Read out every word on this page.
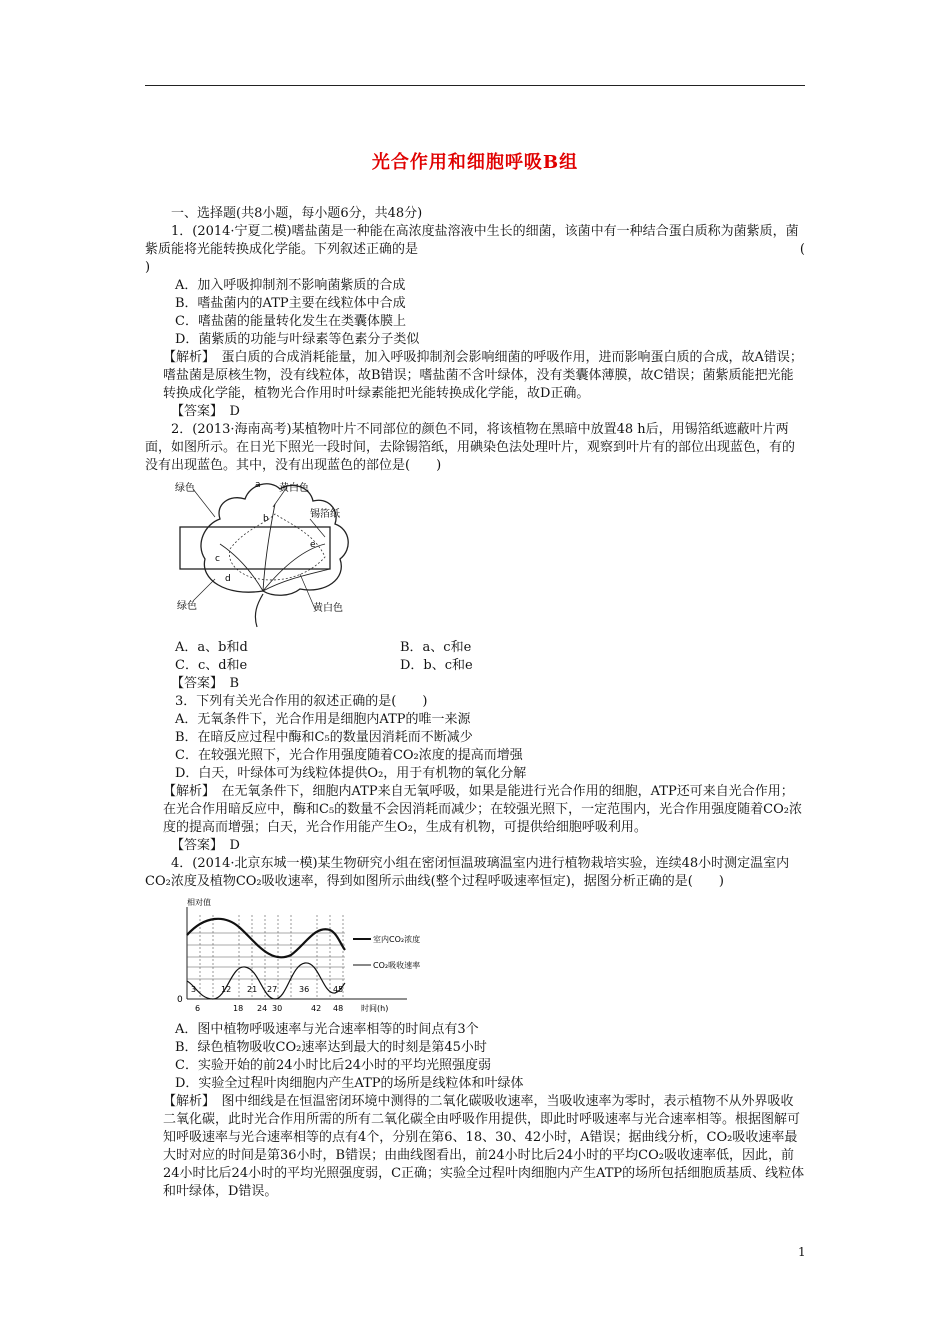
光合作用和细胞呼吸B组

一、选择题(共8小题，每小题6分，共48分)

1．(2014·宁夏二模)嗜盐菌是一种能在高浓度盐溶液中生长的细菌，该菌中有一种结合蛋白质称为菌紫质，菌紫质能将光能转换成化学能。下列叙述正确的是	(

)

A．加入呼吸抑制剂不影响菌紫质的合成

B．嗜盐菌内的ATP主要在线粒体中合成

C．嗜盐菌的能量转化发生在类囊体膜上

D．菌紫质的功能与叶绿素等色素分子类似

【解析】　蛋白质的合成消耗能量，加入呼吸抑制剂会影响细菌的呼吸作用，进而影响蛋白质的合成，故A错误；嗜盐菌是原核生物，没有线粒体，故B错误；嗜盐菌不含叶绿体，没有类囊体薄膜，故C错误；菌紫质能把光能转换成化学能，植物光合作用时叶绿素能把光能转换成化学能，故D正确。

【答案】　D

2．(2013·海南高考)某植物叶片不同部位的颜色不同，将该植物在黑暗中放置48 h后，用锡箔纸遮蔽叶片两面，如图所示。在日光下照光一段时间，去除锡箔纸，用碘染色法处理叶片，观察到叶片有的部位出现蓝色，有的没有出现蓝色。其中，没有出现蓝色的部位是(　　)

绿色	黄白色
锡箔纸
黄白色
绿色
a
b
c
d
e
A．a、b和d	B．a、c和e
C．c、d和e	D．b、c和e

【答案】　B

3．下列有关光合作用的叙述正确的是(　　)

A．无氧条件下，光合作用是细胞内ATP的唯一来源

B．在暗反应过程中酶和C₅的数量因消耗而不断减少

C．在较强光照下，光合作用强度随着CO₂浓度的提高而增强

D．白天，叶绿体可为线粒体提供O₂，用于有机物的氧化分解

【解析】　在无氧条件下，细胞内ATP来自无氧呼吸，如果是能进行光合作用的细胞，ATP还可来自光合作用；在光合作用暗反应中，酶和C₅的数量不会因消耗而减少；在较强光照下，一定范围内，光合作用强度随着CO₂浓度的提高而增强；白天，光合作用能产生O₂，生成有机物，可提供给细胞呼吸利用。

【答案】　D

4．(2014·北京东城一模)某生物研究小组在密闭恒温玻璃温室内进行植物栽培实验，连续48小时测定温室内CO₂浓度及植物CO₂吸收速率，得到如图所示曲线(整个过程呼吸速率恒定)，据图分析正确的是(　　)

相对值
室内CO₂浓度
CO₂吸收速率
0
3	12 21 27	36	45
6	18 24 30	42 48 时间(h)

A．图中植物呼吸速率与光合速率相等的时间点有3个

B．绿色植物吸收CO₂速率达到最大的时刻是第45小时

C．实验开始的前24小时比后24小时的平均光照强度弱

D．实验全过程叶肉细胞内产生ATP的场所是线粒体和叶绿体

【解析】　图中细线是在恒温密闭环境中测得的二氧化碳吸收速率，当吸收速率为零时，表示植物不从外界吸收二氧化碳，此时光合作用所需的所有二氧化碳全由呼吸作用提供，即此时呼吸速率与光合速率相等。根据图解可知呼吸速率与光合速率相等的点有4个，分别在第6、18、30、42小时，A错误；据曲线分析，CO₂吸收速率最大时对应的时间是第36小时，B错误；由曲线图看出，前24小时比后24小时的平均CO₂吸收速率低，因此，前24小时比后24小时的平均光照强度弱，C正确；实验全过程叶肉细胞内产生ATP的场所包括细胞质基质、线粒体和叶绿体，D错误。

1
